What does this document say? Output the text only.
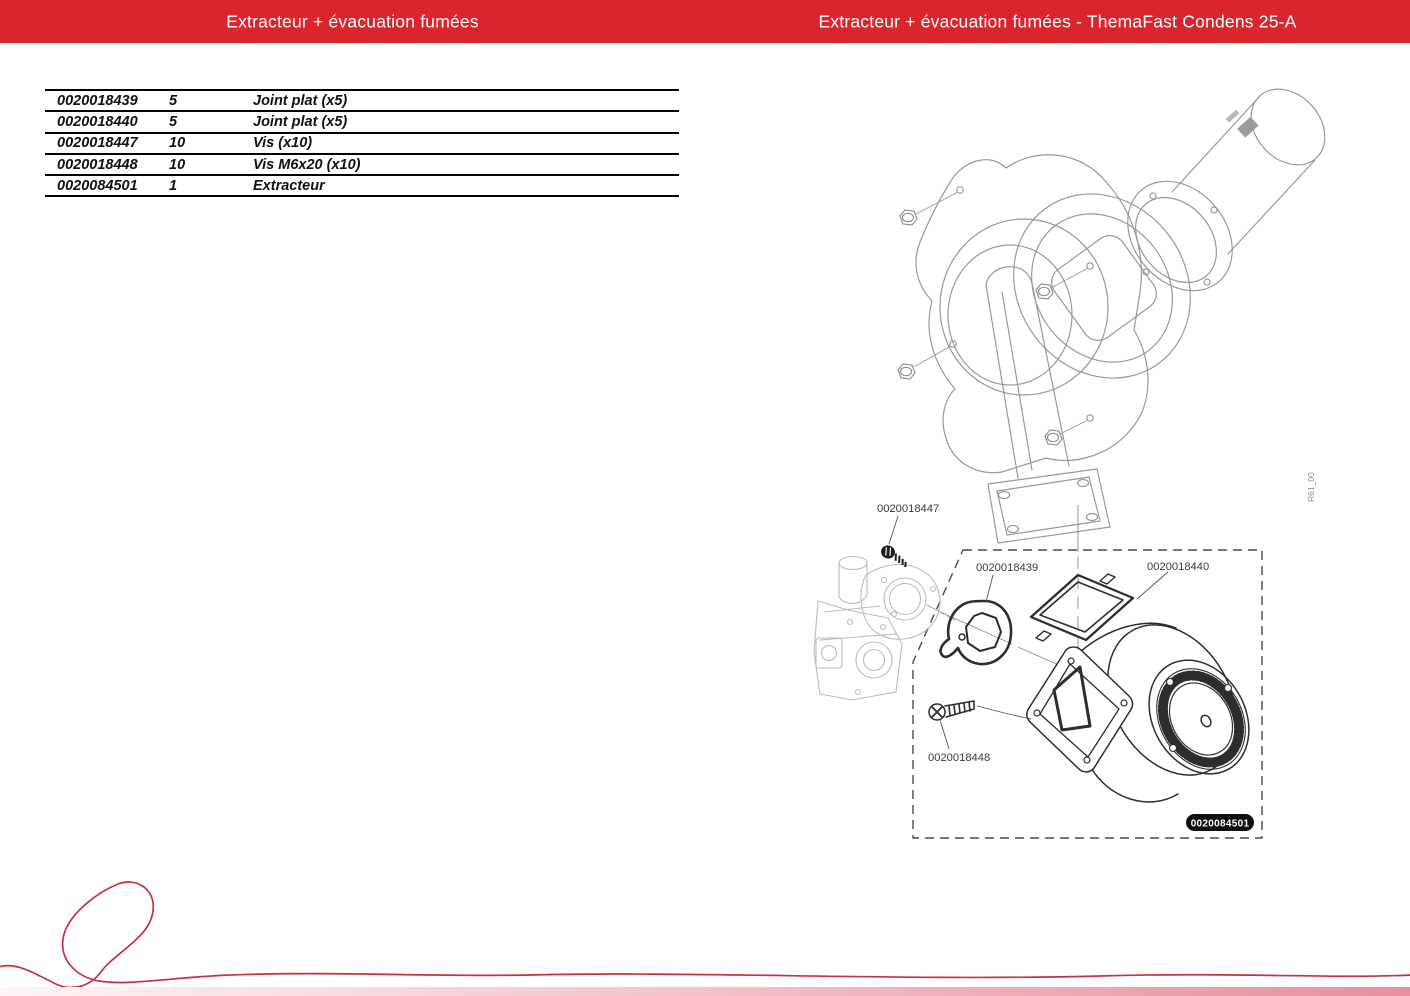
Extracteur + évacuation fumées	Extracteur + évacuation fumées - ThemaFast Condens 25-A
0020018439	5	Joint plat (x5)
0020018440	5	Joint plat (x5)
0020018447	10	Vis (x10)
0020018448	10	Vis M6x20 (x10)
0020084501	1	Extracteur
R61_00
0020018447
0020018439	0020018440
0020018448
0020084501
